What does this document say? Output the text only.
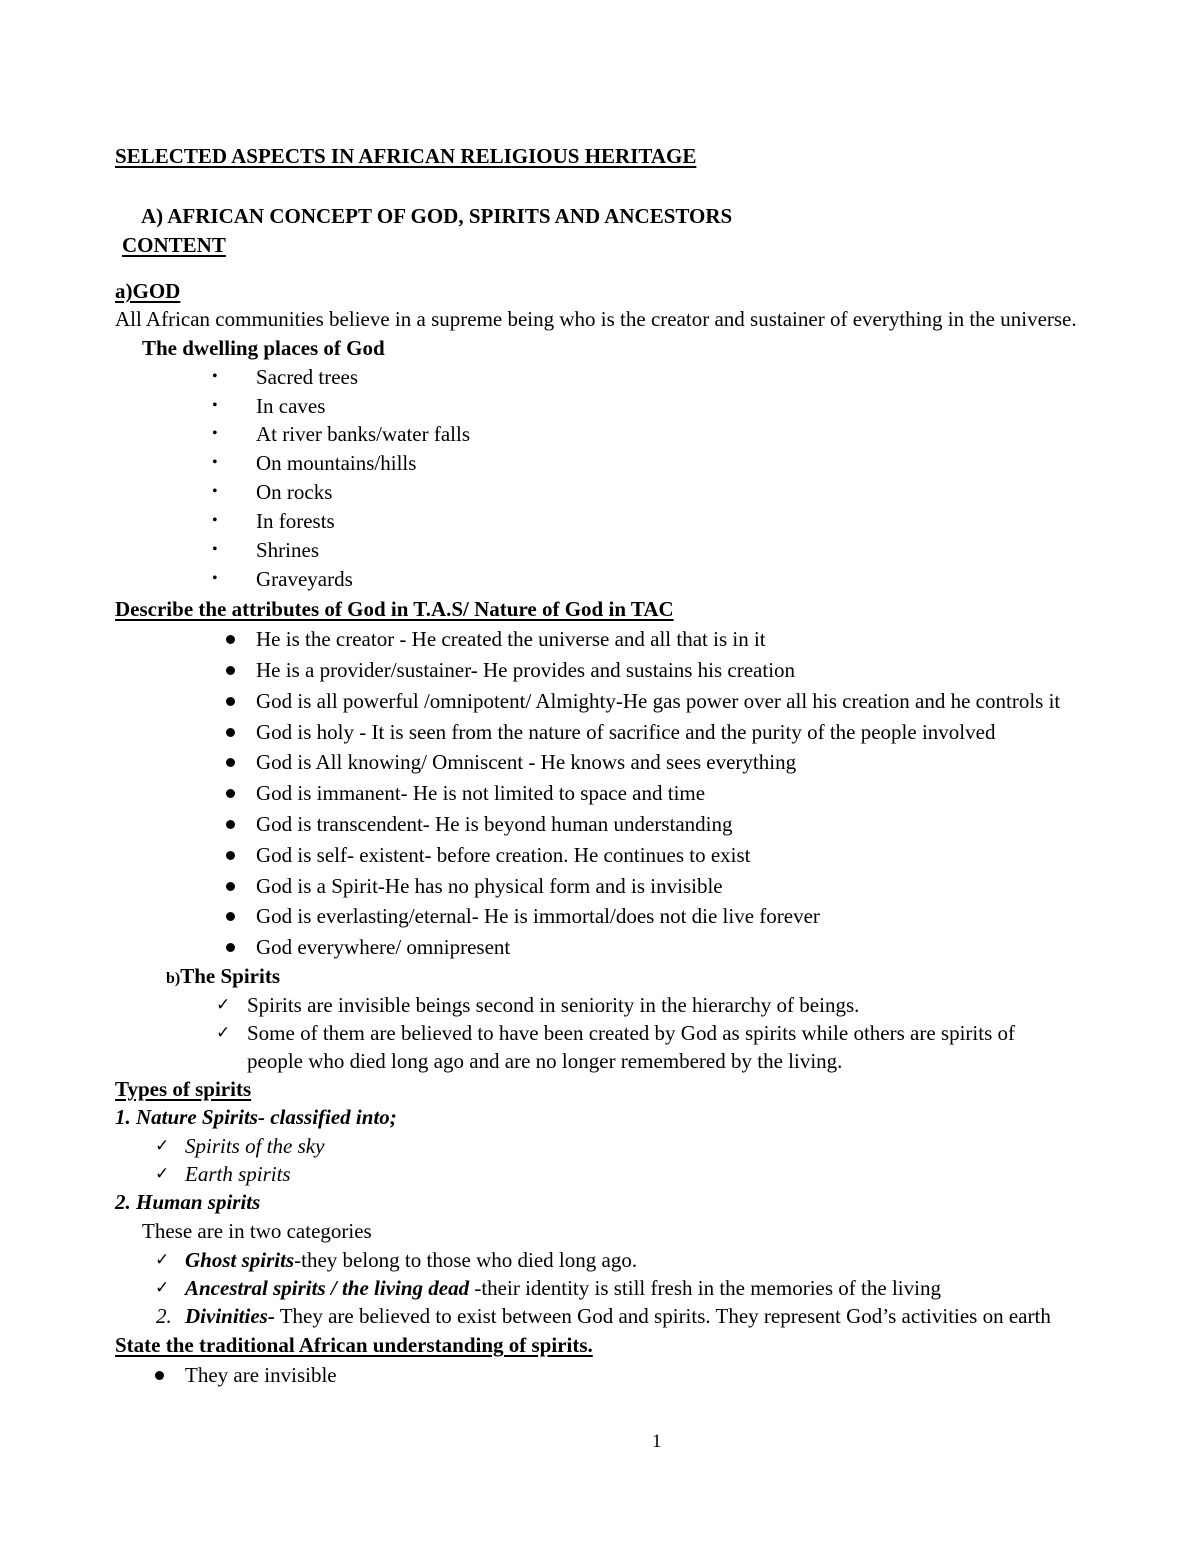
SELECTED ASPECTS IN AFRICAN RELIGIOUS HERITAGE
A) AFRICAN CONCEPT OF GOD, SPIRITS AND ANCESTORS
CONTENT
a)GOD
All African communities believe in a supreme being who is the creator and sustainer of everything in the universe.
The dwelling places of God
• Sacred trees
• In caves
• At river banks/water falls
• On mountains/hills
• On rocks
• In forests
• Shrines
• Graveyards
Describe the attributes of God in T.A.S/ Nature of God in TAC
He is the creator - He created the universe and all that is in it
He is a provider/sustainer- He provides and sustains his creation
God is all powerful /omnipotent/ Almighty-He gas power over all his creation and he controls it
God is holy - It is seen from the nature of sacrifice and the purity of the people involved
God is All knowing/ Omniscent - He knows and sees everything
God is immanent- He is not limited to space and time
God is transcendent- He is beyond human understanding
God is self- existent- before creation. He continues to exist
God is a Spirit-He has no physical form and is invisible
God is everlasting/eternal- He is immortal/does not die live forever
God everywhere/ omnipresent
b)The Spirits
✓ Spirits are invisible beings second in seniority in the hierarchy of beings.
✓ Some of them are believed to have been created by God as spirits while others are spirits of
people who died long ago and are no longer remembered by the living.
Types of spirits
1. Nature Spirits- classified into;
✓ Spirits of the sky
✓ Earth spirits
2. Human spirits
These are in two categories
✓ Ghost spirits-they belong to those who died long ago.
✓ Ancestral spirits / the living dead -their identity is still fresh in the memories of the living
2. Divinities- They are believed to exist between God and spirits. They represent God’s activities on earth
State the traditional African understanding of spirits.
They are invisible
1
